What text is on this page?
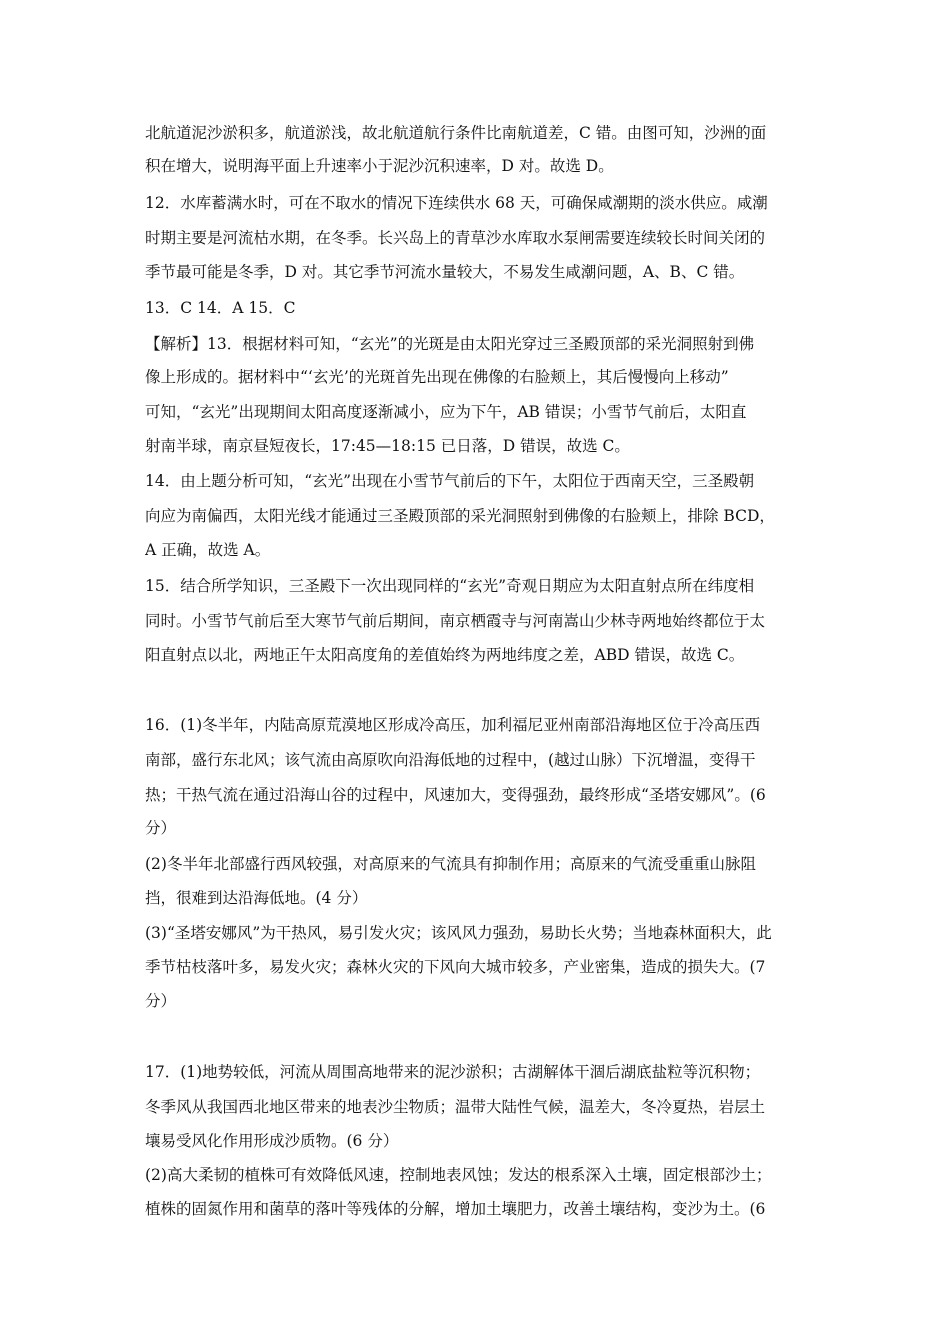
北航道泥沙淤积多，航道淤浅，故北航道航行条件比南航道差，C 错。由图可知，沙洲的面
积在增大，说明海平面上升速率小于泥沙沉积速率，D 对。故选 D。
12．水库蓄满水时，可在不取水的情况下连续供水 68 天，可确保咸潮期的淡水供应。咸潮
时期主要是河流枯水期，在冬季。长兴岛上的青草沙水库取水泵闸需要连续较长时间关闭的
季节最可能是冬季，D 对。其它季节河流水量较大，不易发生咸潮问题，A、B、C 错。
13．C 14．A 15．C
【解析】13．根据材料可知，“玄光”的光斑是由太阳光穿过三圣殿顶部的采光洞照射到佛
像上形成的。据材料中“‘玄光’的光斑首先出现在佛像的右脸颊上，其后慢慢向上移动”
可知，“玄光”出现期间太阳高度逐渐减小，应为下午，AB 错误；小雪节气前后，太阳直
射南半球，南京昼短夜长，17:45—18:15 已日落，D 错误，故选 C。
14．由上题分析可知，“玄光”出现在小雪节气前后的下午，太阳位于西南天空，三圣殿朝
向应为南偏西，太阳光线才能通过三圣殿顶部的采光洞照射到佛像的右脸颊上，排除 BCD，
A 正确，故选 A。
15．结合所学知识，三圣殿下一次出现同样的“玄光”奇观日期应为太阳直射点所在纬度相
同时。小雪节气前后至大寒节气前后期间，南京栖霞寺与河南嵩山少林寺两地始终都位于太
阳直射点以北，两地正午太阳高度角的差值始终为两地纬度之差，ABD 错误，故选 C。
16．(1)冬半年，内陆高原荒漠地区形成冷高压，加利福尼亚州南部沿海地区位于冷高压西
南部，盛行东北风；该气流由高原吹向沿海低地的过程中，(越过山脉）下沉增温，变得干
热；干热气流在通过沿海山谷的过程中，风速加大，变得强劲，最终形成“圣塔安娜风”。(6
分）
(2)冬半年北部盛行西风较强，对高原来的气流具有抑制作用；高原来的气流受重重山脉阻
挡，很难到达沿海低地。(4 分）
(3)“圣塔安娜风”为干热风，易引发火灾；该风风力强劲，易助长火势；当地森林面积大，此
季节枯枝落叶多，易发火灾；森林火灾的下风向大城市较多，产业密集，造成的损失大。(7
分）
17．(1)地势较低，河流从周围高地带来的泥沙淤积；古湖解体干涸后湖底盐粒等沉积物；
冬季风从我国西北地区带来的地表沙尘物质；温带大陆性气候，温差大，冬冷夏热，岩层土
壤易受风化作用形成沙质物。(6 分）
(2)高大柔韧的植株可有效降低风速，控制地表风蚀；发达的根系深入土壤，固定根部沙土；
植株的固氮作用和菌草的落叶等残体的分解，增加土壤肥力，改善土壤结构，变沙为土。(6
